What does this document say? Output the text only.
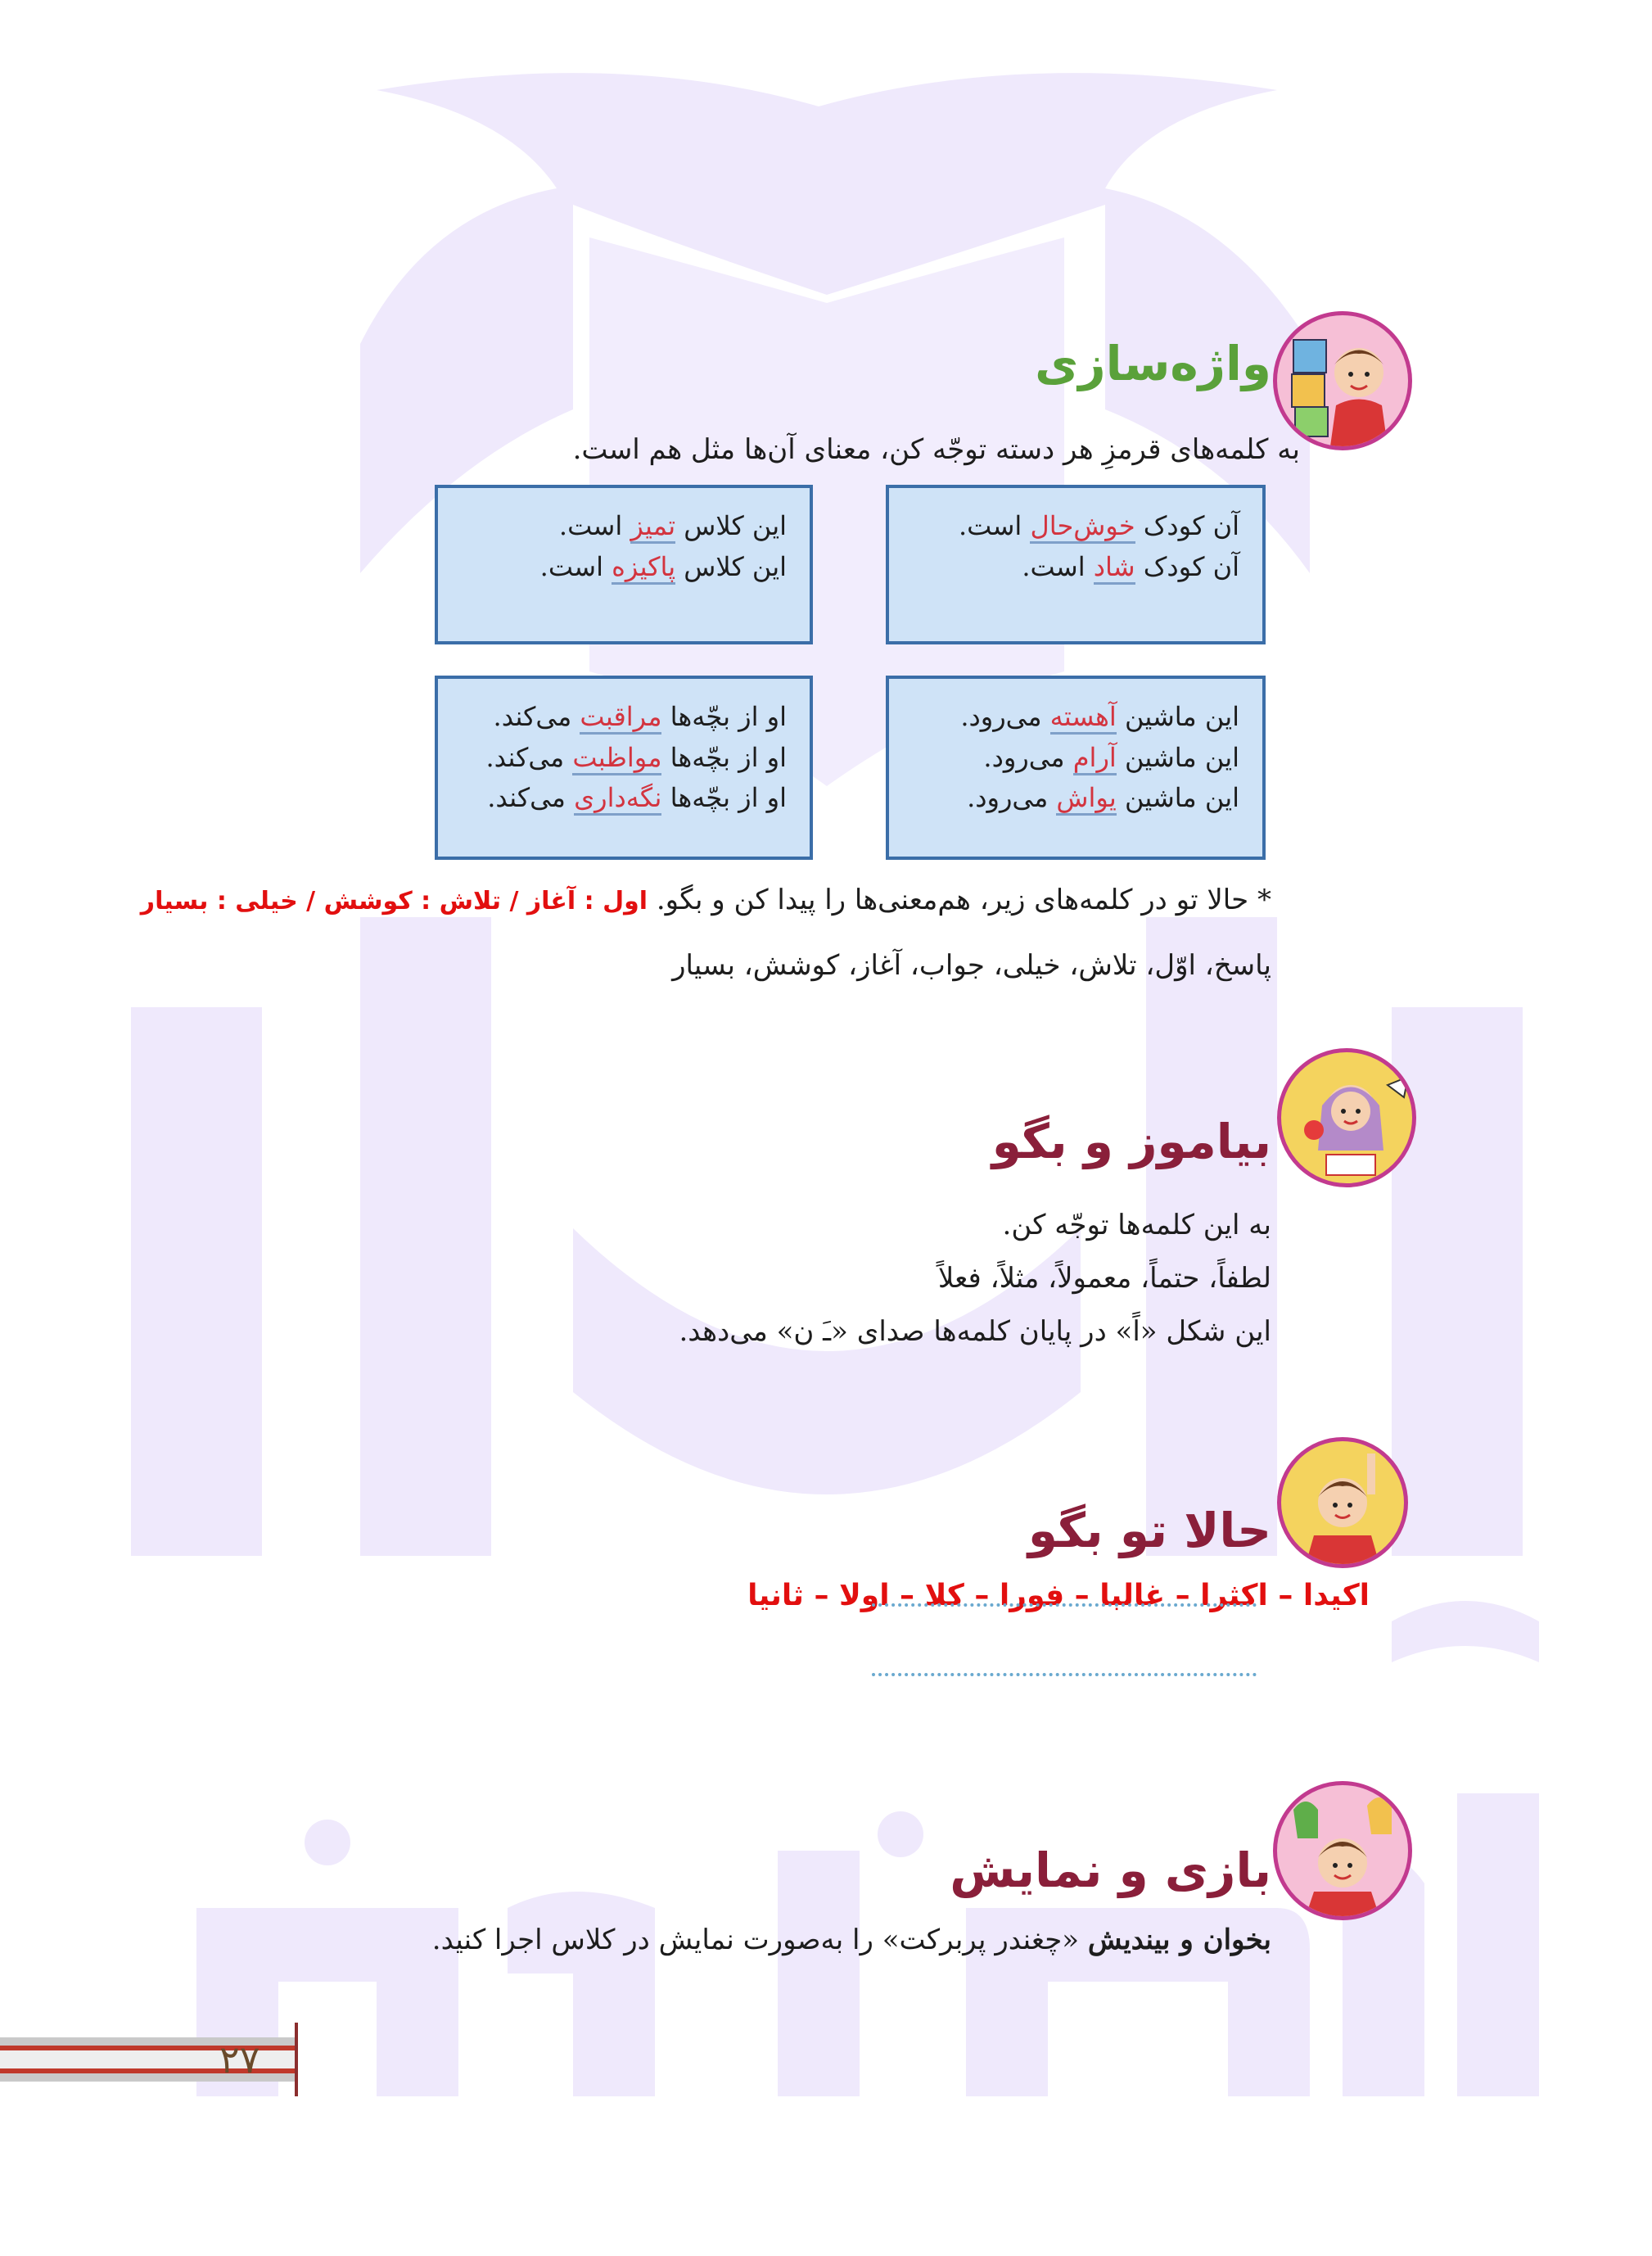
واژه‌سازی
به کلمه‌های قرمزِ هر دسته توجّه کن، معنای آن‌ها مثل هم است.
آن کودک خوش‌حال است.
آن کودک شاد است.
این کلاس تمیز است.
این کلاس پاکیزه است.
این ماشین آهسته می‌رود.
این ماشین آرام می‌رود.
این ماشین یواش می‌رود.
او از بچّه‌ها مراقبت می‌کند.
او از بچّه‌ها مواظبت می‌کند.
او از بچّه‌ها نگه‌داری می‌کند.
* حالا تو در کلمه‌های زیر، هم‌معنی‌ها را پیدا کن و بگو. اول : آغاز / تلاش : کوشش / خیلی : بسیار
پاسخ، اوّل، تلاش، خیلی، جواب، آغاز، کوشش، بسیار
بیاموز و بگو
به این کلمه‌ها توجّه کن.
لطفاً، حتماً، معمولاً، مثلاً، فعلاً
این شکل «اً» در پایان کلمه‌ها صدای «ـَ ن» می‌دهد.
حالا تو بگو
اکیدا – اکثرا – غالبا – فورا – کلا – اولا – ثانیا
بازی و نمایش
بخوان و بیندیش «چغندر پربرکت» را به‌صورت نمایش در کلاس اجرا کنید.
۲۷
